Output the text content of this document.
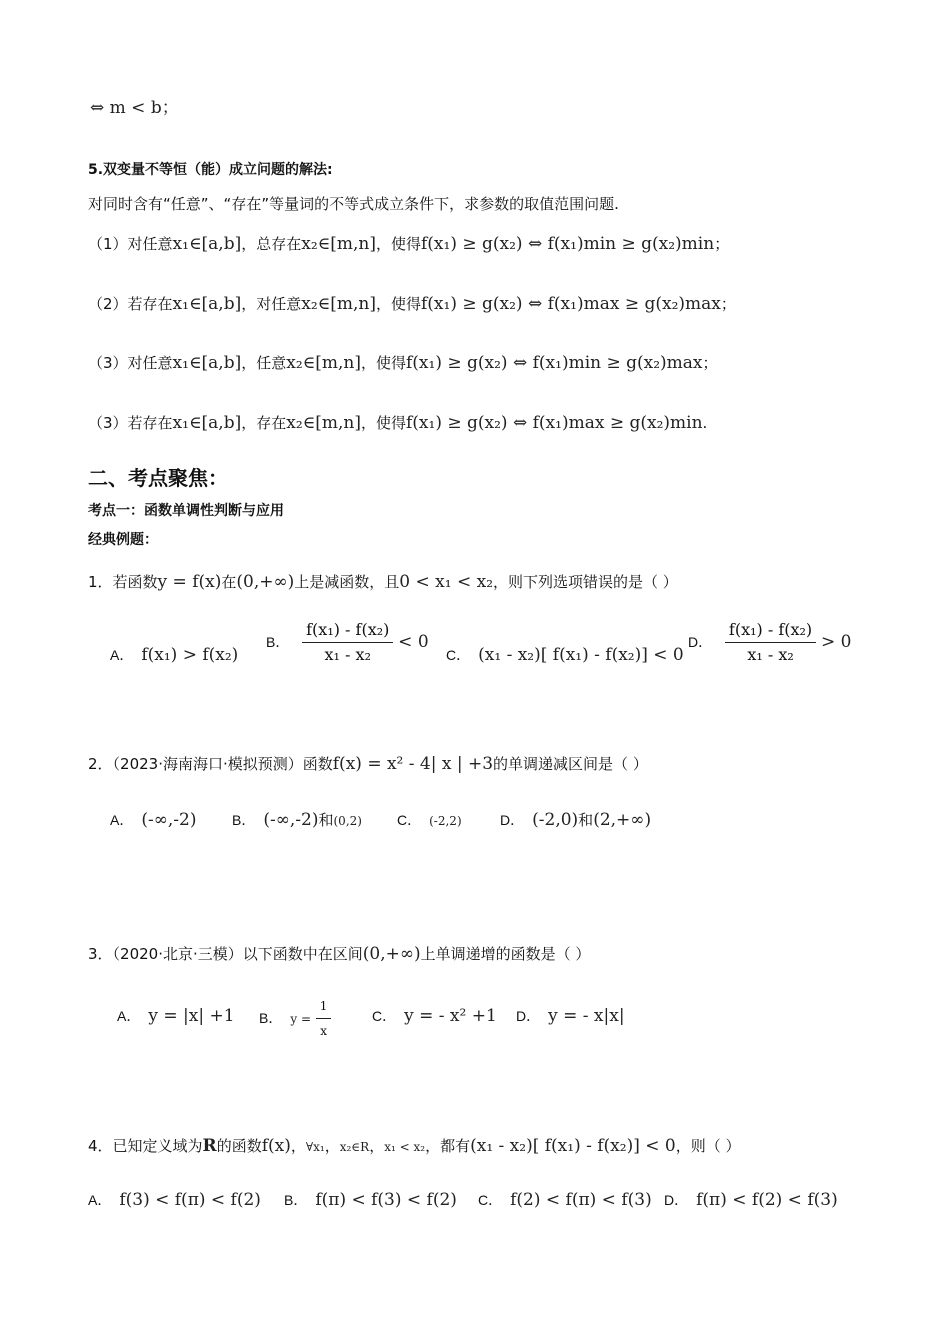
⇔ m < b；
5.双变量不等恒（能）成立问题的解法:
对同时含有“任意”、“存在”等量词的不等式成立条件下，求参数的取值范围问题.
（1）对任意x₁∈[a,b]，总存在x₂∈[m,n]，使得f(x₁) ≥ g(x₂) ⇔ f(x₁)min ≥ g(x₂)min；
（2）若存在x₁∈[a,b]，对任意x₂∈[m,n]，使得f(x₁) ≥ g(x₂) ⇔ f(x₁)max ≥ g(x₂)max；
（3）对任意x₁∈[a,b]，任意x₂∈[m,n]，使得f(x₁) ≥ g(x₂) ⇔ f(x₁)min ≥ g(x₂)max；
（3）若存在x₁∈[a,b]，存在x₂∈[m,n]，使得f(x₁) ≥ g(x₂) ⇔ f(x₁)max ≥ g(x₂)min.
二、考点聚焦：
考点一：函数单调性判断与应用
经典例题：
1．若函数y = f(x)在(0,+∞)上是减函数，且0 < x₁ < x₂，则下列选项错误的是（ ）
A． f(x₁) > f(x₂)
B． $\frac{\text{f(x₁) - f(x₂)}}{\text{x₁ - x₂}} < 0$
C． (x₁ - x₂)[ f(x₁) - f(x₂)] < 0
D． $\frac{\text{f(x₁) - f(x₂)}}{\text{x₁ - x₂}} > 0$
2．（2023·海南海口·模拟预测）函数f(x) = x² - 4| x | +3的单调递减区间是（ ）
A． (-∞,-2)	B． (-∞,-2)和(0,2)	C． (-2,2)	D． (-2,0)和(2,+∞)
3．（2020·北京·三模）以下函数中在区间(0,+∞)上单调递增的函数是（ ）
A． y = |x| +1 B． $y = \frac{1}{x}$	C． y = - x² +1 D． y = - x|x|
4．已知定义域为R的函数f(x)，∀x₁，x₂∈R，x₁ < x₂，都有(x₁ - x₂)[ f(x₁) - f(x₂)] < 0，则（ ）
A． f(3) < f(π) < f(2) B． f(π) < f(3) < f(2) C． f(2) < f(π) < f(3) D． f(π) < f(2) < f(3)
